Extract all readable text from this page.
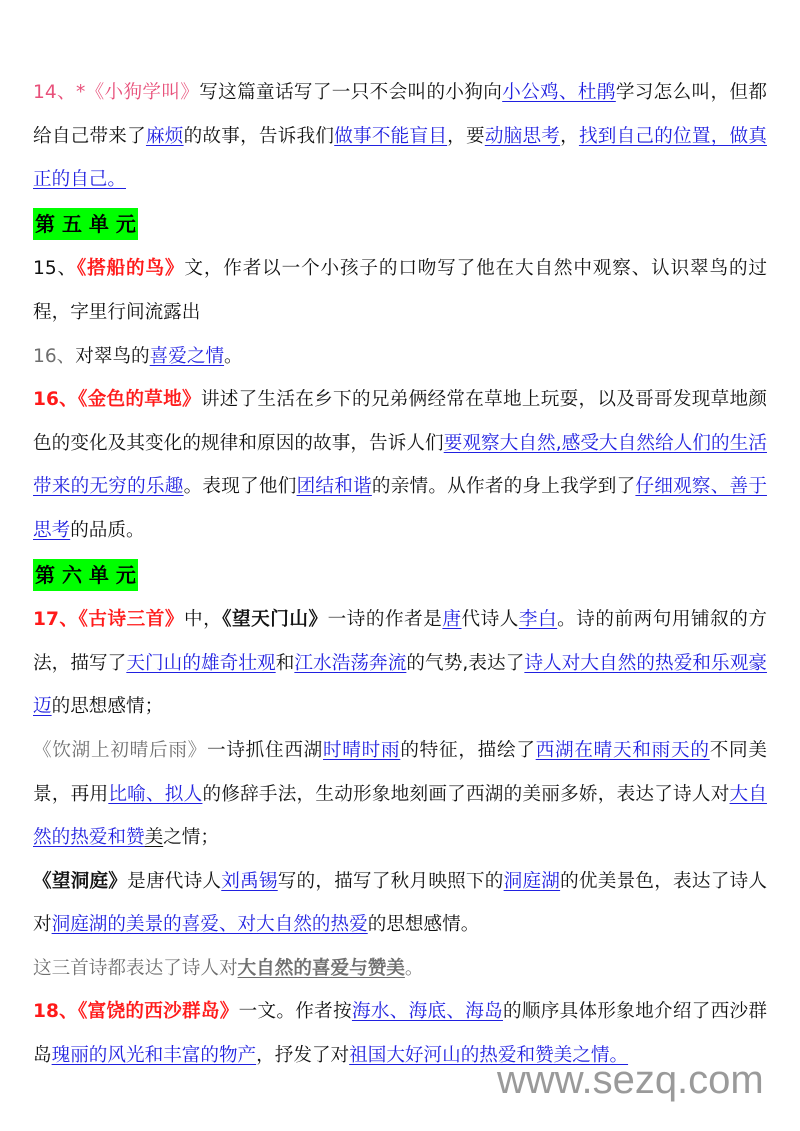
14、*《小狗学叫》写这篇童话写了一只不会叫的小狗向小公鸡、杜鹃学习怎么叫，但都给自己带来了麻烦的故事，告诉我们做事不能盲目，要动脑思考，找到自己的位置，做真正的自己。
第 五 单 元
15、《搭船的鸟》文，作者以一个小孩子的口吻写了他在大自然中观察、认识翠鸟的过程，字里行间流露出
16、对翠鸟的喜爱之情。
16、《金色的草地》讲述了生活在乡下的兄弟俩经常在草地上玩耍，以及哥哥发现草地颜色的变化及其变化的规律和原因的故事，告诉人们要观察大自然,感受大自然给人们的生活带来的无穷的乐趣。表现了他们团结和谐的亲情。从作者的身上我学到了仔细观察、善于思考的品质。
第 六 单 元
17、《古诗三首》中，《望天门山》一诗的作者是唐代诗人李白。诗的前两句用铺叙的方法，描写了天门山的雄奇壮观和江水浩荡奔流的气势,表达了诗人对大自然的热爱和乐观豪迈的思想感情；
《饮湖上初晴后雨》一诗抓住西湖时晴时雨的特征，描绘了西湖在晴天和雨天的不同美景，再用比喻、拟人的修辞手法，生动形象地刻画了西湖的美丽多娇，表达了诗人对大自然的热爱和赞美之情；
《望洞庭》是唐代诗人刘禹锡写的，描写了秋月映照下的洞庭湖的优美景色，表达了诗人对洞庭湖的美景的喜爱、对大自然的热爱的思想感情。
这三首诗都表达了诗人对大自然的喜爱与赞美。
18、《富饶的西沙群岛》一文。作者按海水、海底、海岛的顺序具体形象地介绍了西沙群岛瑰丽的风光和丰富的物产，抒发了对祖国大好河山的热爱和赞美之情。
www.sezq.com
